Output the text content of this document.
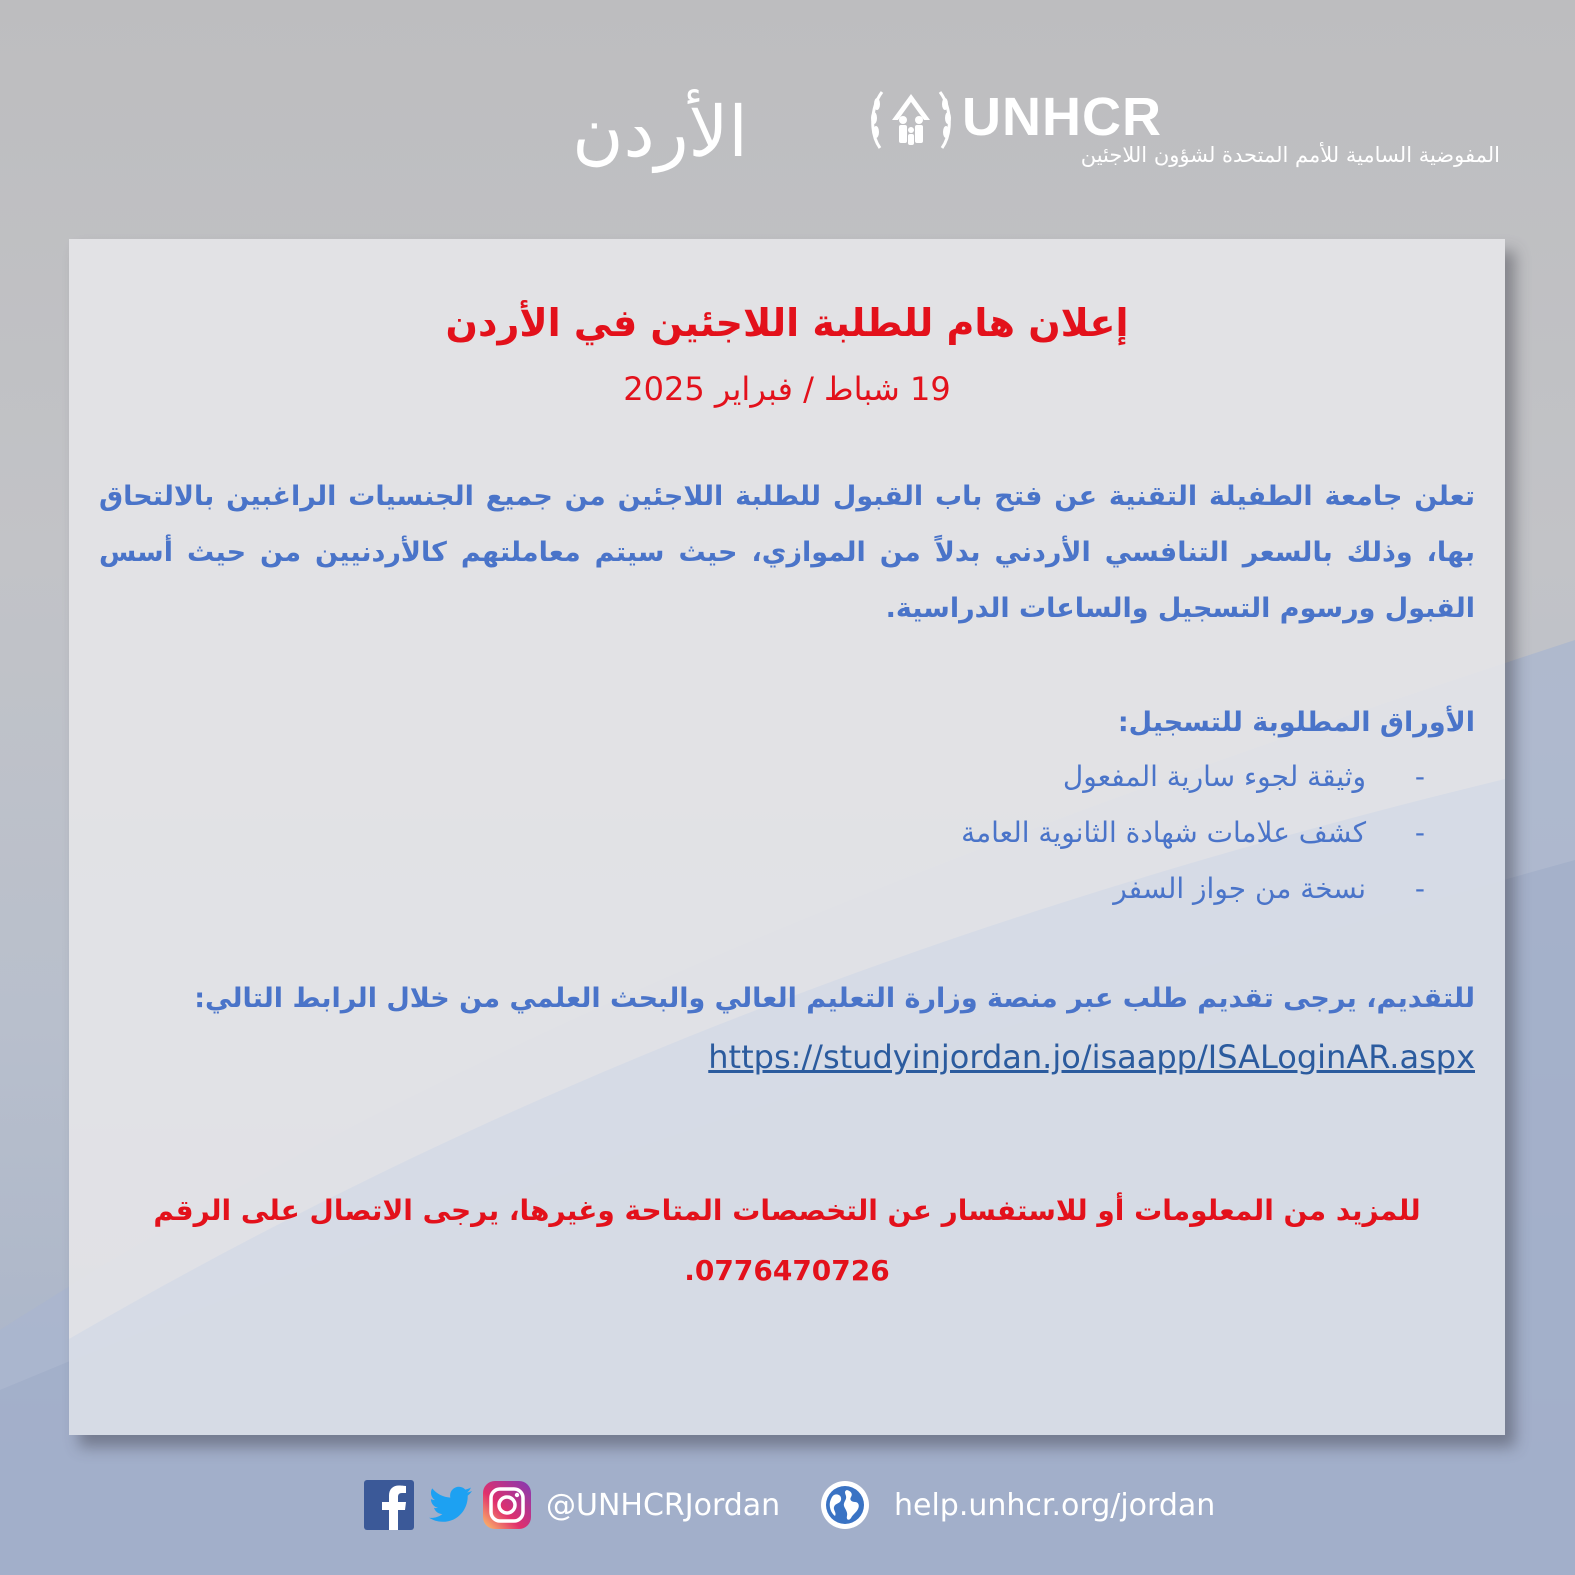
الأردن	UNHCR
المفوضية السامية للأمم المتحدة لشؤون اللاجئين
إعلان هام للطلبة اللاجئين في الأردن
19 شباط / فبراير 2025

تعلن جامعة الطفيلة التقنية عن فتح باب القبول للطلبة اللاجئين من جميع الجنسيات الراغبين بالالتحاق بها، وذلك بالسعر التنافسي الأردني بدلاً من الموازي، حيث سيتم معاملتهم كالأردنيين من حيث أسس القبول ورسوم التسجيل والساعات الدراسية.

الأوراق المطلوبة للتسجيل:
- وثيقة لجوء سارية المفعول
- كشف علامات شهادة الثانوية العامة
- نسخة من جواز السفر
للتقديم، يرجى تقديم طلب عبر منصة وزارة التعليم العالي والبحث العلمي من خلال الرابط التالي:
https://studyinjordan.jo/isaapp/ISALoginAR.aspx
للمزيد من المعلومات أو للاستفسار عن التخصصات المتاحة وغيرها، يرجى الاتصال على الرقم
0776470726.
@UNHCRJordan	help.unhcr.org/jordan
